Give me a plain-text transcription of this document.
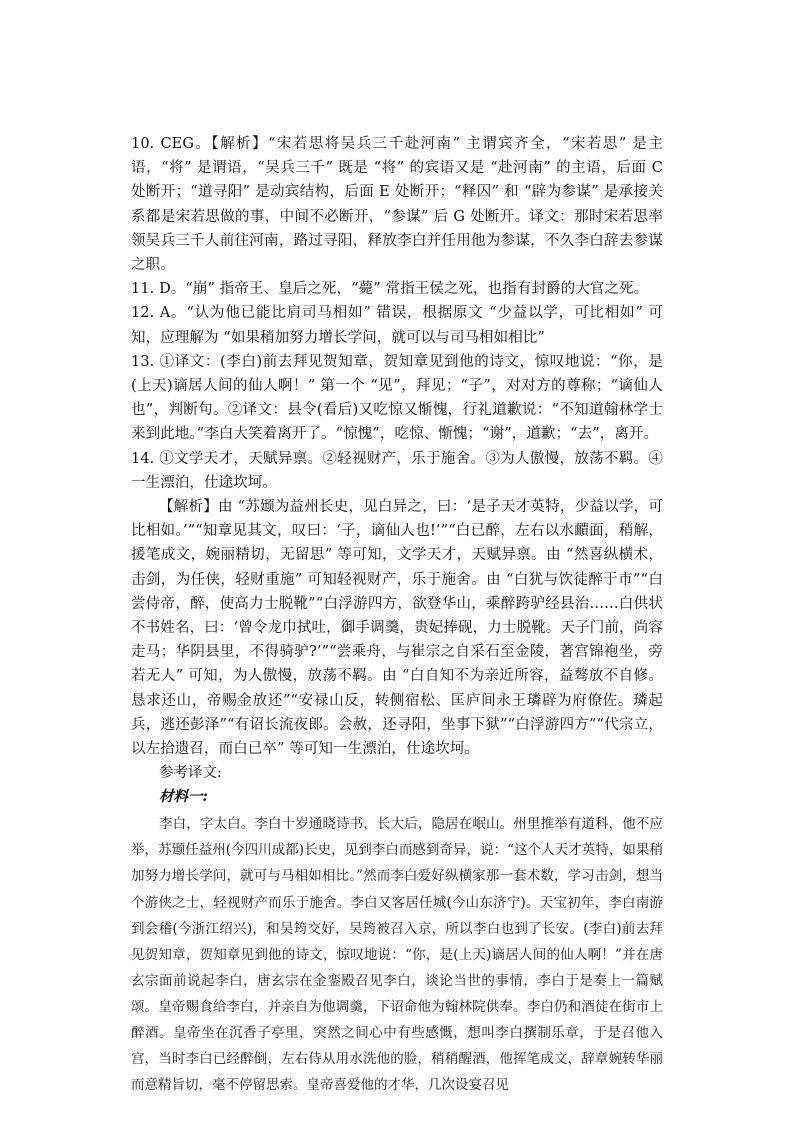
10. CEG。【解析】“宋若思将吴兵三千赴河南” 主谓宾齐全，“宋若思” 是主语，“将” 是谓语，“吴兵三千” 既是 “将” 的宾语又是 “赴河南” 的主语，后面 C 处断开；“道寻阳” 是动宾结构，后面 E 处断开；“释囚” 和 “辟为参谋” 是承接关系都是宋若思做的事，中间不必断开，“参谋” 后 G 处断开。译文：那时宋若思率领吴兵三千人前往河南，路过寻阳，释放李白并任用他为参谋，不久李白辞去参谋之职。

11. D。“崩” 指帝王、皇后之死，“薨” 常指王侯之死，也指有封爵的大官之死。

12. A。“认为他已能比肩司马相如” 错误，根据原文 “少益以学，可比相如” 可知，应理解为 “如果稍加努力增长学问，就可以与司马相如相比”

13. ①译文：(李白)前去拜见贺知章，贺知章见到他的诗文，惊叹地说：“你，是(上天)谪居人间的仙人啊！” 第一个 “见”，拜见；“子”，对对方的尊称；“谪仙人也”，判断句。②译文：县令(看后)又吃惊又惭愧，行礼道歉说：“不知道翰林学士来到此地。”李白大笑着离开了。“惊愧”，吃惊、惭愧；“谢”，道歉；“去”，离开。

14. ①文学天才，天赋异禀。②轻视财产，乐于施舍。③为人傲慢，放荡不羁。④一生漂泊，仕途坎坷。

【解析】由 “苏颋为益州长史，见白异之，曰：‘是子天才英特，少益以学，可比相如。’”“知章见其文，叹曰：‘子，谪仙人也!’”“白已醉，左右以水靧面，稍解，援笔成文，婉丽精切，无留思” 等可知，文学天才，天赋异禀。由 “然喜纵横术，击剑，为任侠，轻财重施” 可知轻视财产，乐于施舍。由 “白犹与饮徒醉于市”“白尝侍帝，醉，使高力士脱靴”“白浮游四方，欲登华山，乘醉跨驴经县治……白供状不书姓名，曰：‘曾令龙巾拭吐，御手调羹，贵妃捧砚，力士脱靴。天子门前，尚容走马；华阴县里，不得骑驴?’”“尝乘舟，与崔宗之自采石至金陵，著宫锦袍坐，旁若无人” 可知，为人傲慢，放荡不羁。由 “白自知不为亲近所容，益骜放不自修。恳求还山，帝赐金放还”“安禄山反，转侧宿松、匡庐间永王璘辟为府僚佐。璘起兵，逃还彭泽”“有诏长流夜郎。会赦，还寻阳，坐事下狱”“白浮游四方”“代宗立，以左拾遗召，而白已卒” 等可知一生漂泊，仕途坎坷。

参考译文:

材料一:

李白，字太白。李白十岁通晓诗书，长大后，隐居在岷山。州里推举有道科，他不应举，苏颋任益州(今四川成都)长史，见到李白而感到奇异，说：“这个人天才英特，如果稍加努力增长学问，就可与马相如相比。”然而李白爱好纵横家那一套术数，学习击剑，想当个游侠之士，轻视财产而乐于施舍。李白又客居任城(今山东济宁)。天宝初年，李白南游到会稽(今浙江绍兴)，和吴筠交好，吴筠被召入京，所以李白也到了长安。(李白)前去拜见贺知章，贺知章见到他的诗文，惊叹地说：“你，是(上天)谪居人间的仙人啊！”并在唐玄宗面前说起李白，唐玄宗在金銮殿召见李白，谈论当世的事情，李白于是奏上一篇赋颂。皇帝赐食给李白，并亲自为他调羹，下诏命他为翰林院供奉。李白仍和酒徒在街市上醉酒。皇帝坐在沉香子亭里，突然之间心中有些感慨，想叫李白撰制乐章，于是召他入宫，当时李白已经醉倒，左右侍从用水洗他的脸，稍稍醒酒，他挥笔成文，辞章婉转华丽而意精旨切，毫不停留思索。皇帝喜爱他的才华，几次设宴召见
